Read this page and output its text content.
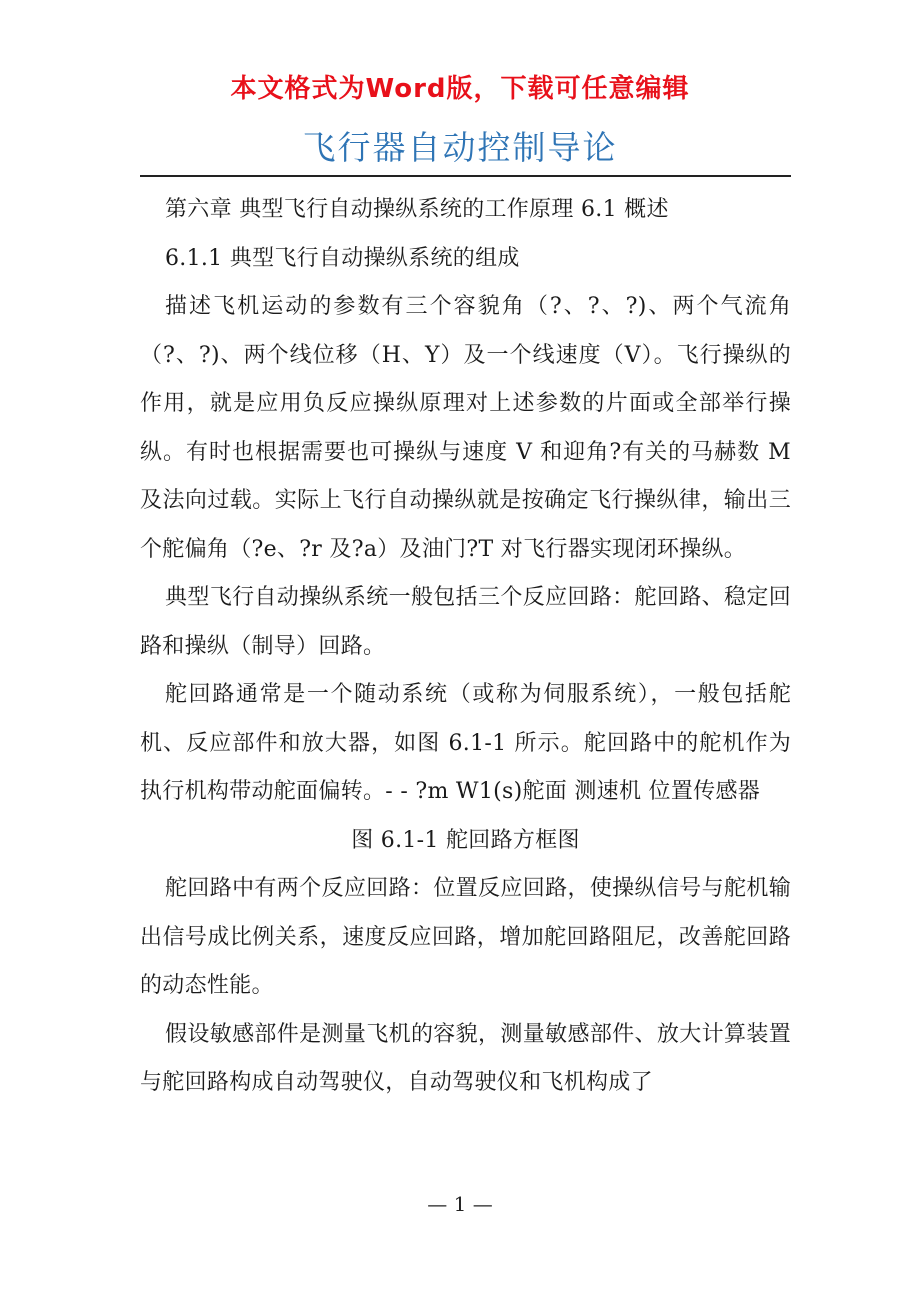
本文格式为Word版，下载可任意编辑
飞行器自动控制导论

第六章 典型飞行自动操纵系统的工作原理 6.1 概述

6.1.1 典型飞行自动操纵系统的组成

描述飞机运动的参数有三个容貌角（?、?、?)、两个气流角（?、?)、两个线位移（H、Y）及一个线速度（V）。飞行操纵的作用，就是应用负反应操纵原理对上述参数的片面或全部举行操纵。有时也根据需要也可操纵与速度 V 和迎角?有关的马赫数 M 及法向过载。实际上飞行自动操纵就是按确定飞行操纵律，输出三个舵偏角（?e、?r 及?a）及油门?T 对飞行器实现闭环操纵。

典型飞行自动操纵系统一般包括三个反应回路：舵回路、稳定回路和操纵（制导）回路。

舵回路通常是一个随动系统（或称为伺服系统），一般包括舵机、反应部件和放大器，如图 6.1-1 所示。舵回路中的舵机作为执行机构带动舵面偏转。- - ?m W1(s)舵面 测速机 位置传感器

图 6.1-1 舵回路方框图

舵回路中有两个反应回路：位置反应回路，使操纵信号与舵机输出信号成比例关系，速度反应回路，增加舵回路阻尼，改善舵回路的动态性能。

假设敏感部件是测量飞机的容貌，测量敏感部件、放大计算装置与舵回路构成自动驾驶仪，自动驾驶仪和飞机构成了

— 1 —
